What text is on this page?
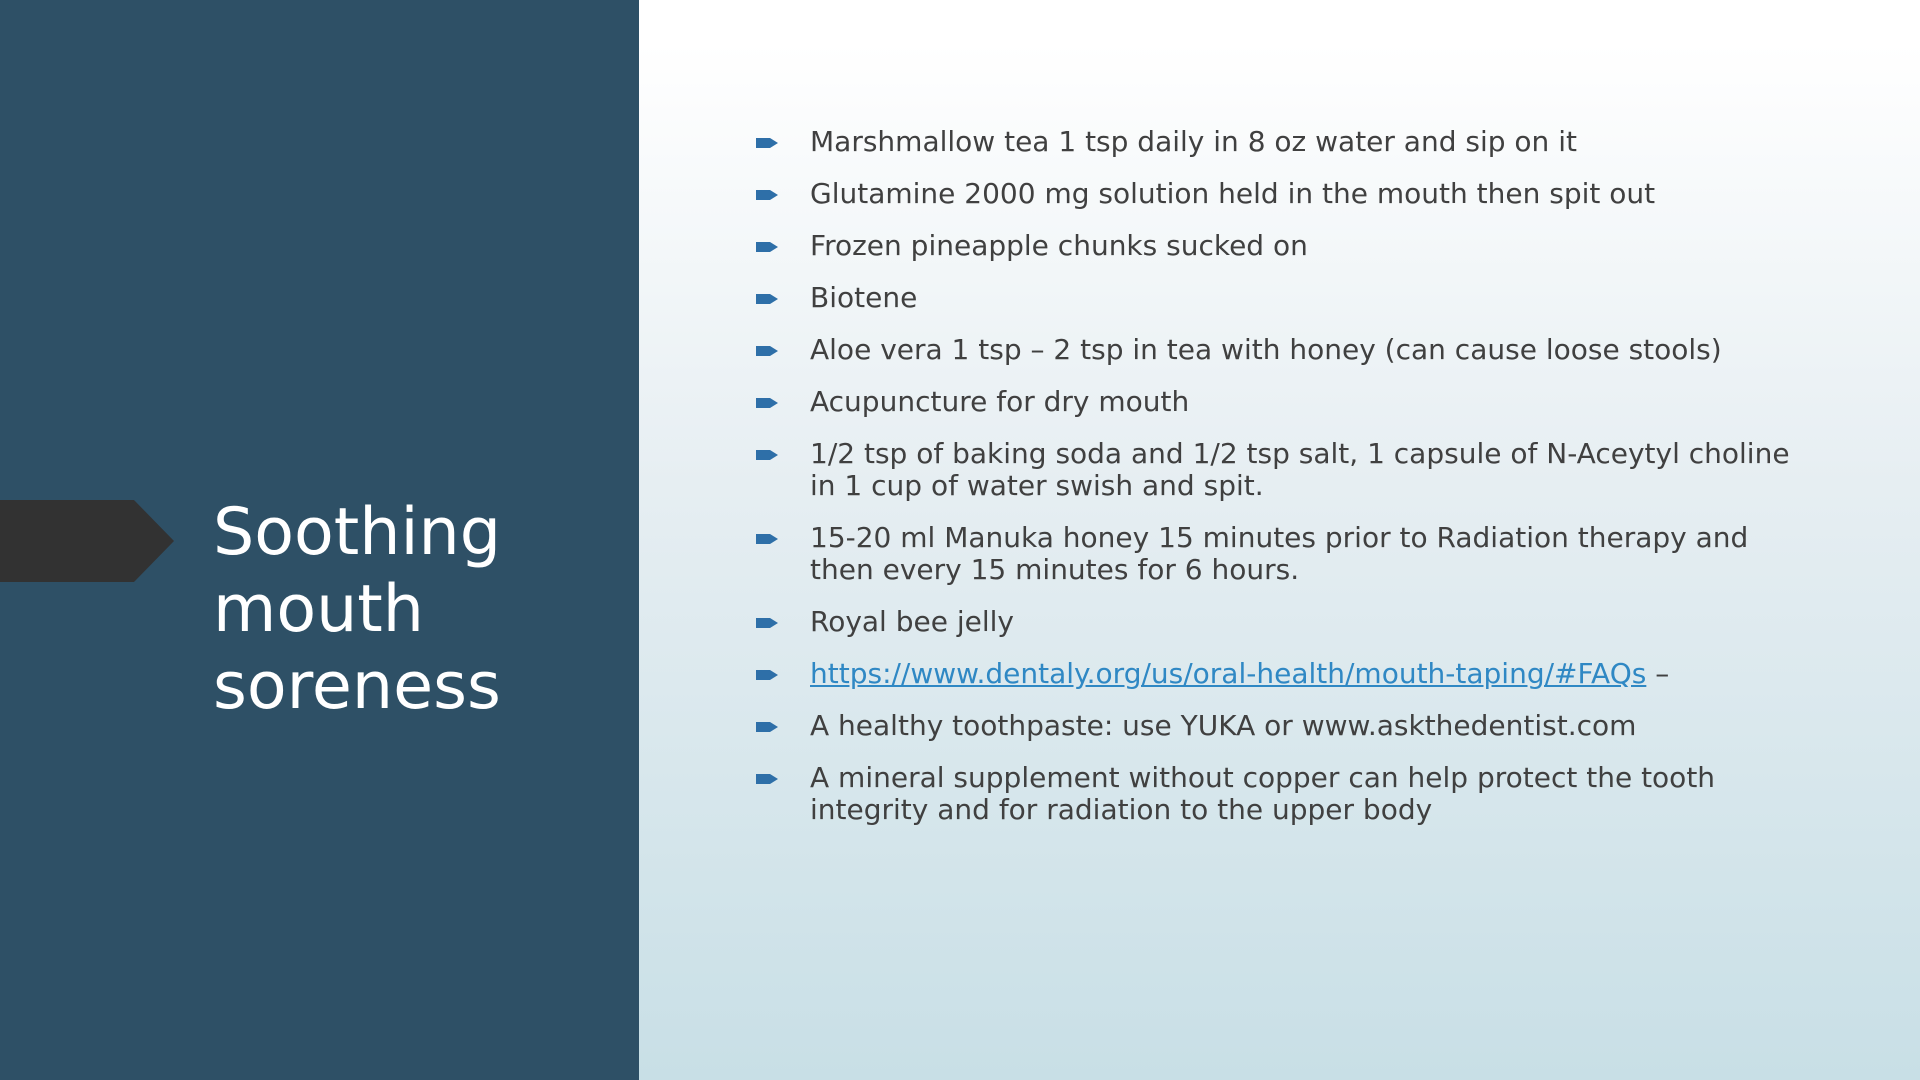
Soothing mouth soreness
Marshmallow tea 1 tsp daily in 8 oz water and sip on it
Glutamine 2000 mg solution held in the mouth then spit out
Frozen pineapple chunks sucked on
Biotene
Aloe vera 1 tsp – 2 tsp in tea with honey (can cause loose stools)
Acupuncture for dry mouth
1/2 tsp of baking soda and 1/2 tsp salt, 1 capsule of N-Aceytyl choline in 1 cup of water swish and spit.
15-20 ml Manuka honey 15 minutes prior to Radiation therapy and then every 15 minutes for 6 hours.
Royal bee jelly
https://www.dentaly.org/us/oral-health/mouth-taping/#FAQs –
A healthy toothpaste: use YUKA or www.askthedentist.com
A mineral supplement without copper can help protect the tooth integrity and for radiation to the upper body
